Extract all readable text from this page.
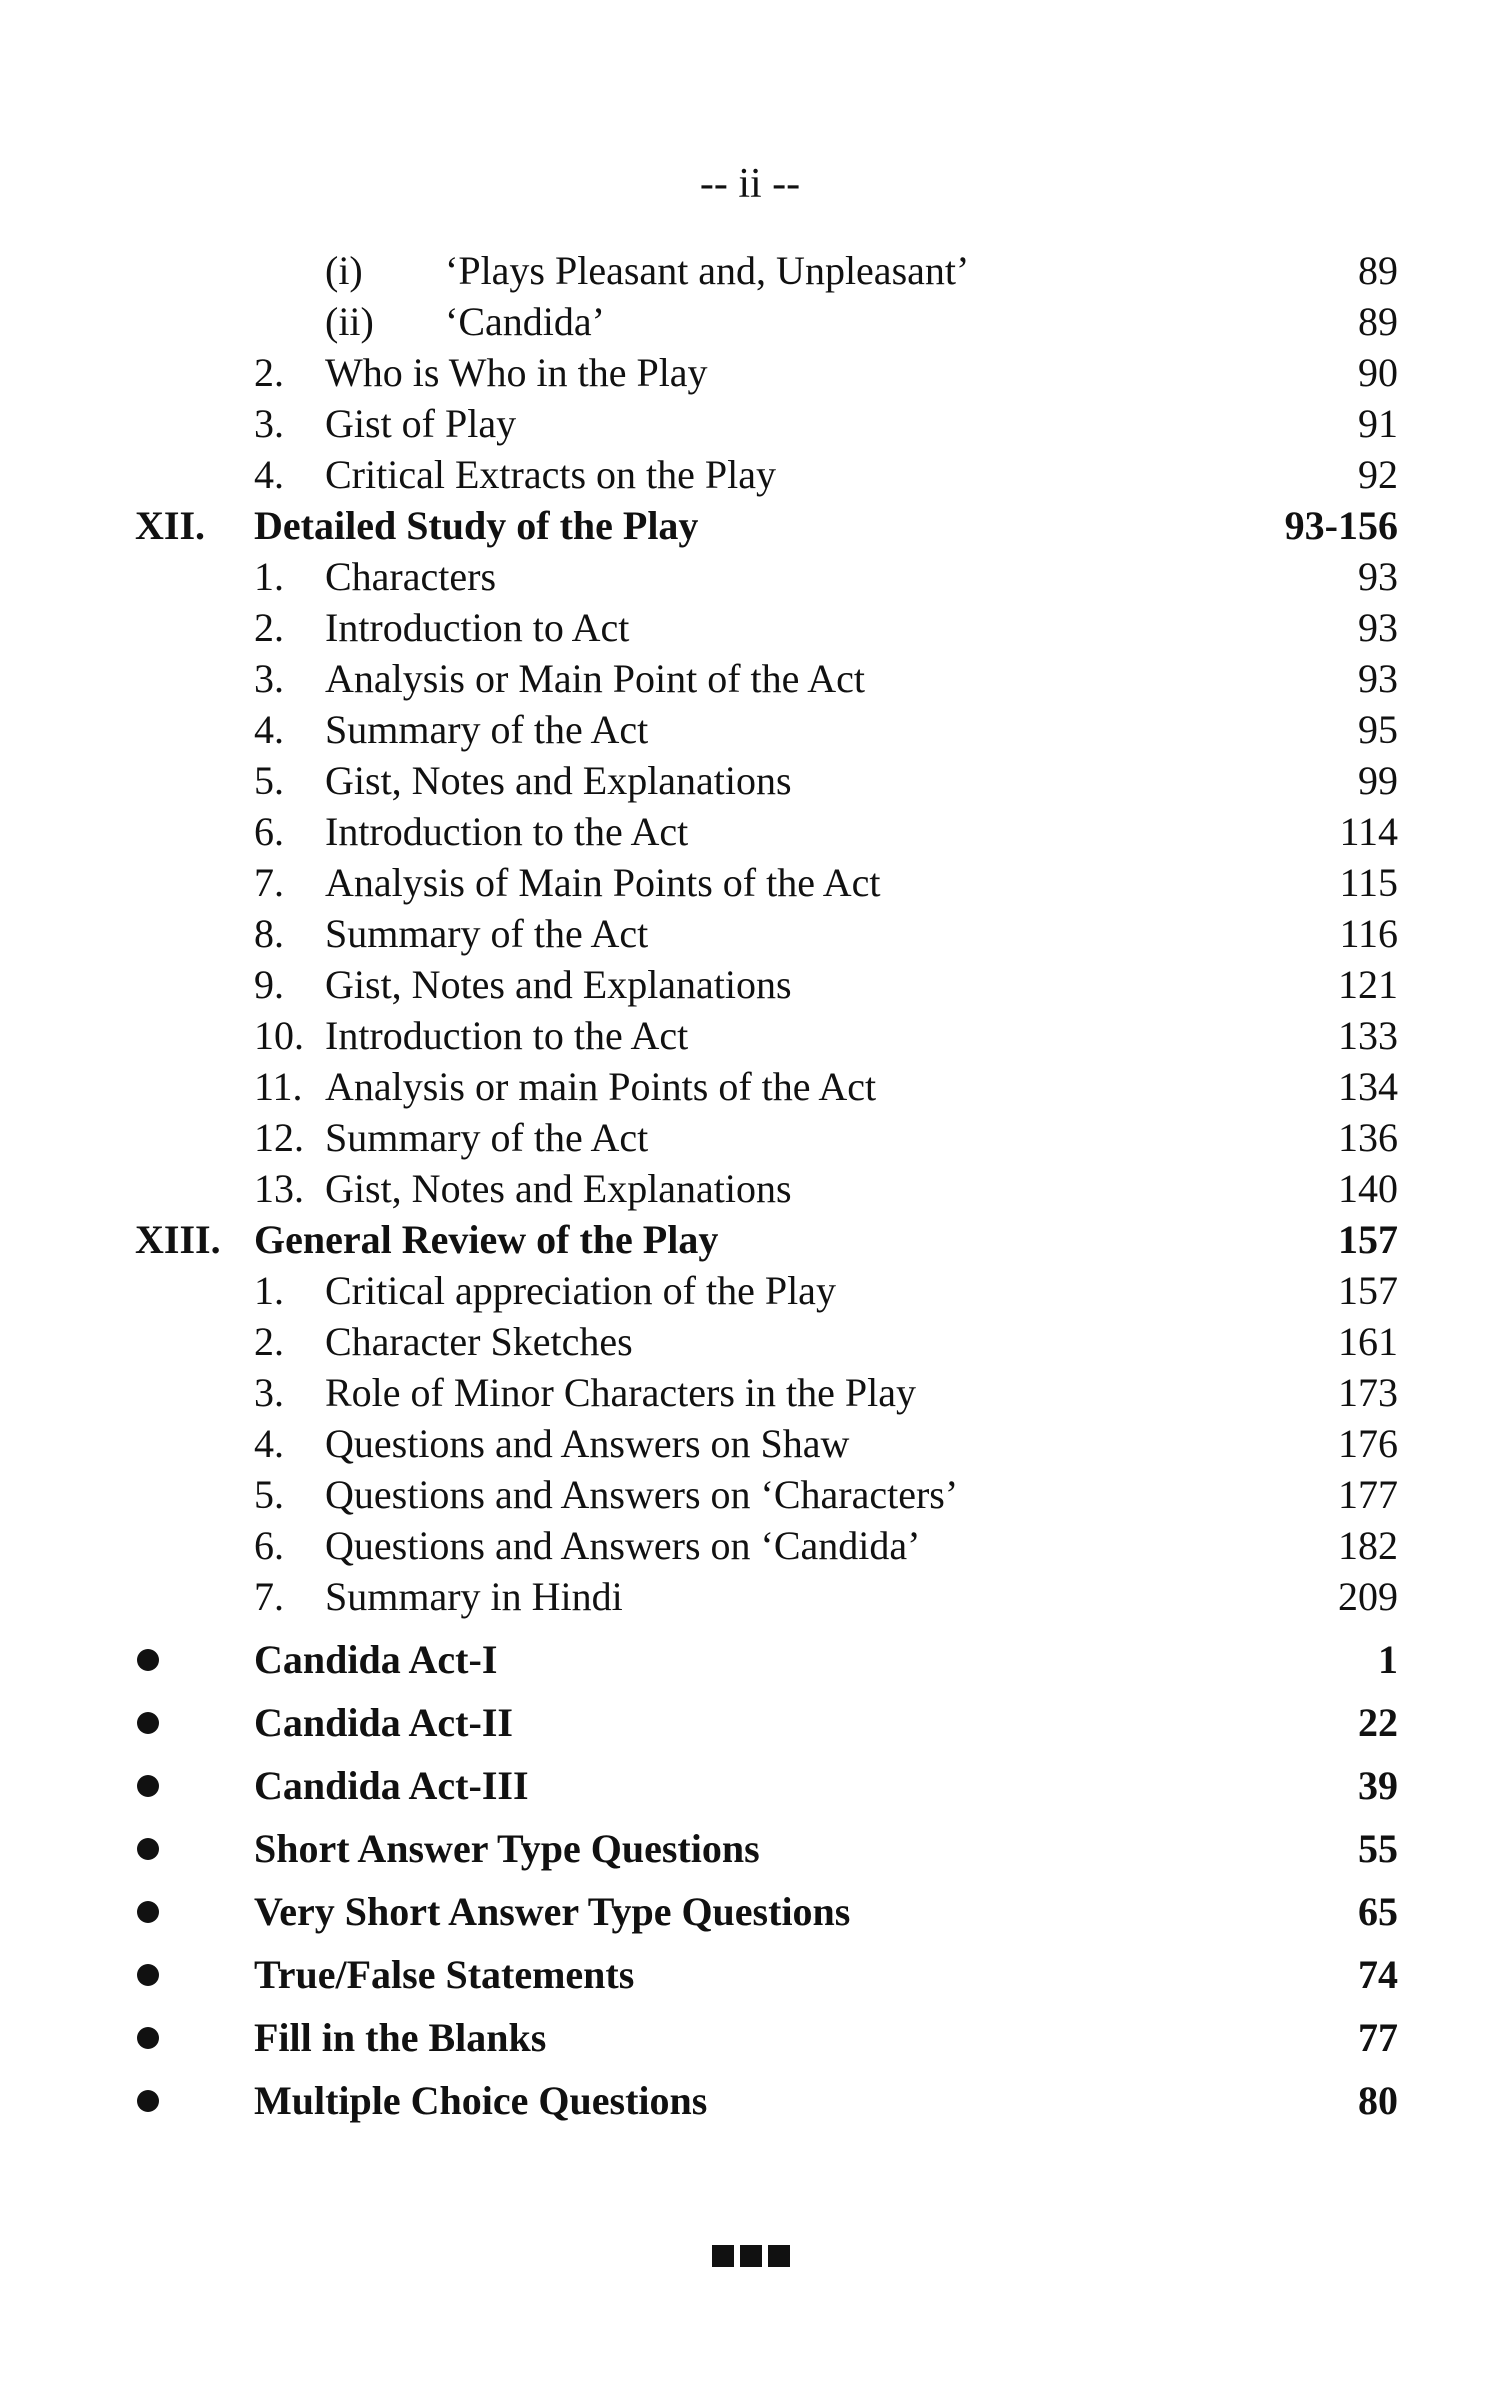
-- ii --
(i) ‘Plays Pleasant and, Unpleasant’	89
(ii) ‘Candida’	89
2. Who is Who in the Play	90
3. Gist of Play	91
4. Critical Extracts on the Play	92
XII. Detailed Study of the Play	93-156
1. Characters	93
2. Introduction to Act	93
3. Analysis or Main Point of the Act	93
4. Summary of the Act	95
5. Gist, Notes and Explanations	99
6. Introduction to the Act	114
7. Analysis of Main Points of the Act	115
8. Summary of the Act	116
9. Gist, Notes and Explanations	121
10. Introduction to the Act	133
11. Analysis or main Points of the Act	134
12. Summary of the Act	136
13. Gist, Notes and Explanations	140
XIII. General Review of the Play	157
1. Critical appreciation of the Play	157
2. Character Sketches	161
3. Role of Minor Characters in the Play	173
4. Questions and Answers on Shaw	176
5. Questions and Answers on ‘Characters’	177
6. Questions and Answers on ‘Candida’	182
7. Summary in Hindi	209
Candida Act-I	1
Candida Act-II	22
Candida Act-III	39
Short Answer Type Questions	55
Very Short Answer Type Questions	65
True/False Statements	74
Fill in the Blanks	77
Multiple Choice Questions	80
